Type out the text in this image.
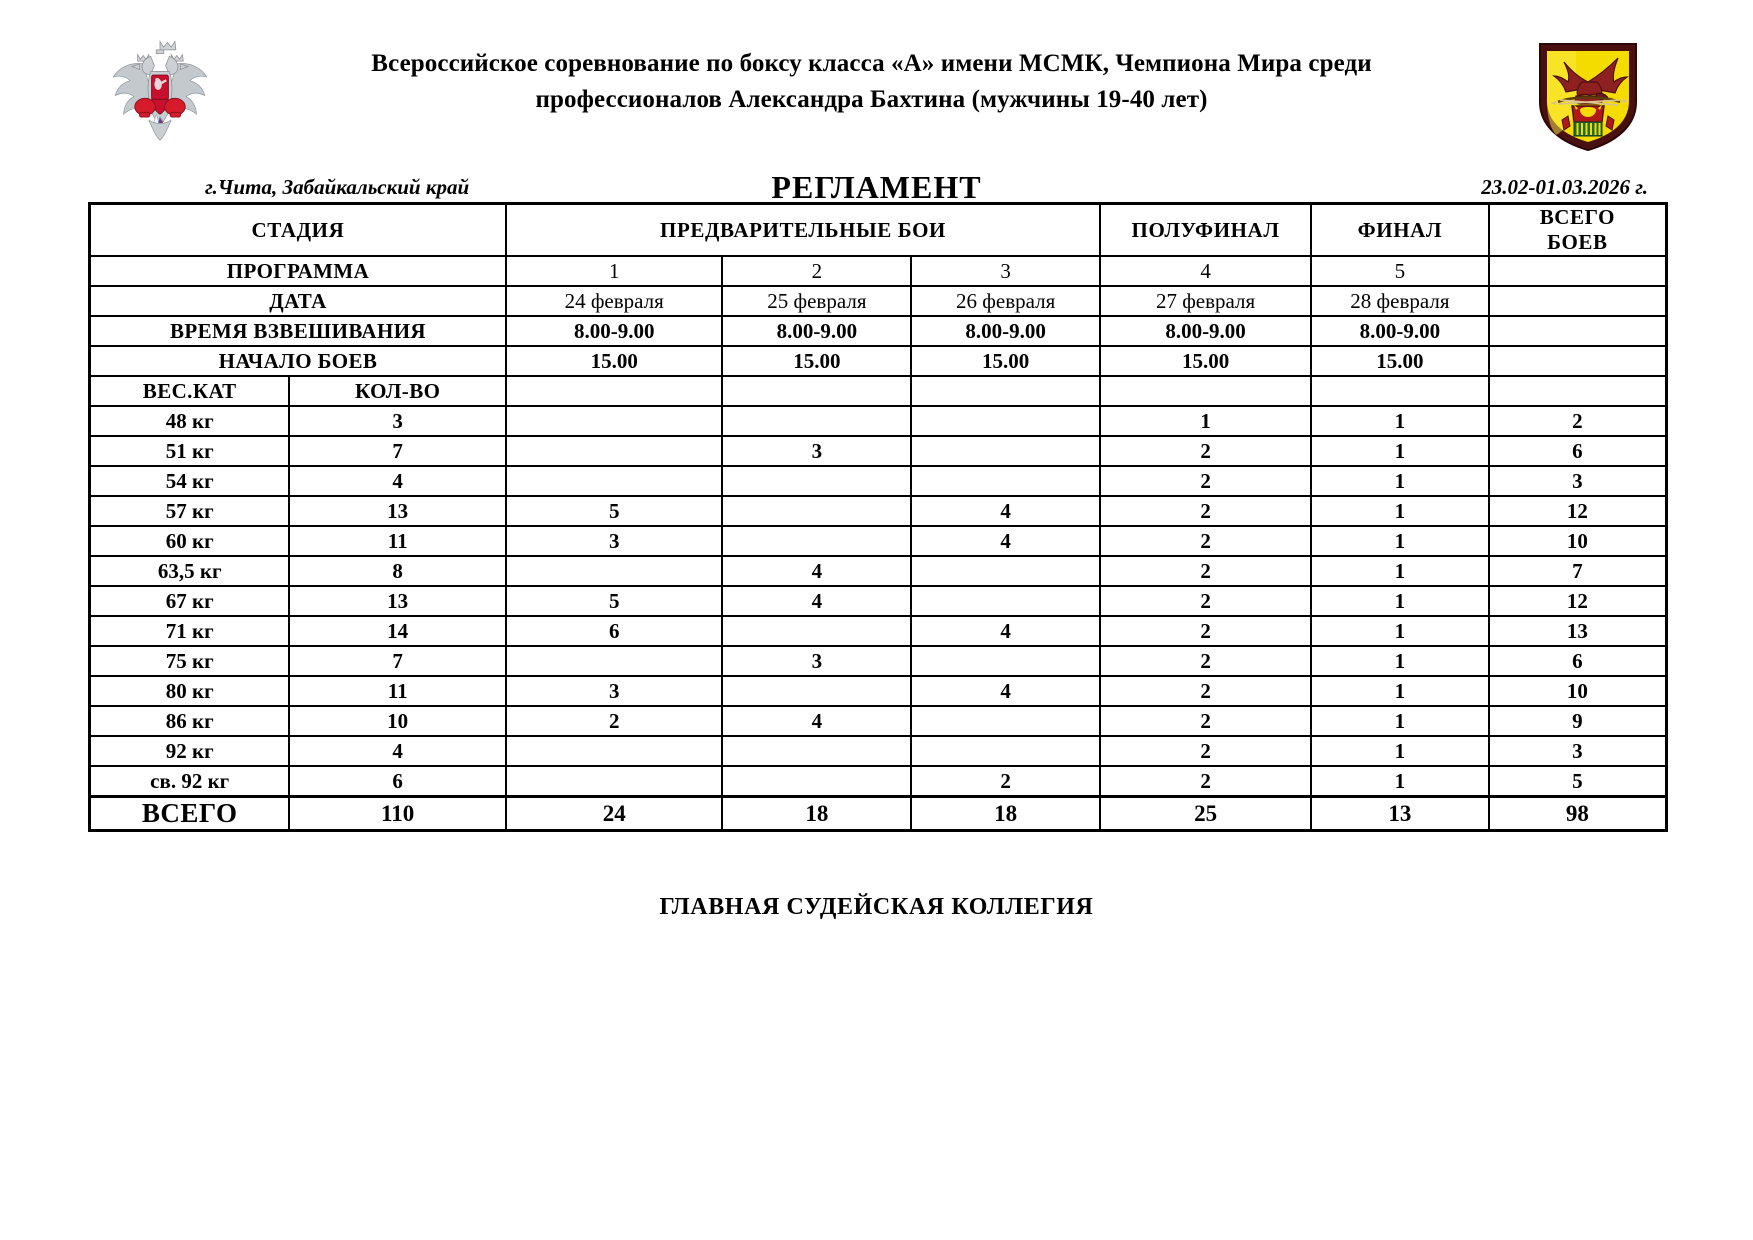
Всероссийское соревнование по боксу класса «А» имени МСМК, Чемпиона Мира среди
профессионалов Александра Бахтина (мужчины 19-40 лет)
г.Чита, Забайкальский край	РЕГЛАМЕНТ	23.02-01.03.2026 г.
СТАДИЯ		ПРЕДВАРИТЕЛЬНЫЕ БОИ			ПОЛУФИНАЛ	ФИНАЛ	ВСЕГО
БОЕВ

ПРОГРАММА		1	2	3	4	5	
ДАТА		24 февраля	25 февраля	26 февраля	27 февраля	28 февраля	
ВРЕМЯ ВЗВЕШИВАНИЯ		8.00-9.00	8.00-9.00	8.00-9.00	8.00-9.00	8.00-9.00	
НАЧАЛО БОЕВ		15.00	15.00	15.00	15.00	15.00	
ВЕС.КАТ	КОЛ-ВО						
48 кг	3				1	1	2
51 кг	7		3		2	1	6
54 кг	4				2	1	3
57 кг	13	5		4	2	1	12
60 кг	11	3		4	2	1	10
63,5 кг	8		4		2	1	7
67 кг	13	5	4		2	1	12
71 кг	14	6		4	2	1	13
75 кг	7		3		2	1	6
80 кг	11	3		4	2	1	10
86 кг	10	2	4		2	1	9
92 кг	4				2	1	3
св. 92 кг	6			2	2	1	5
ВСЕГО	110	24	18	18	25	13	98
ГЛАВНАЯ СУДЕЙСКАЯ КОЛЛЕГИЯ
